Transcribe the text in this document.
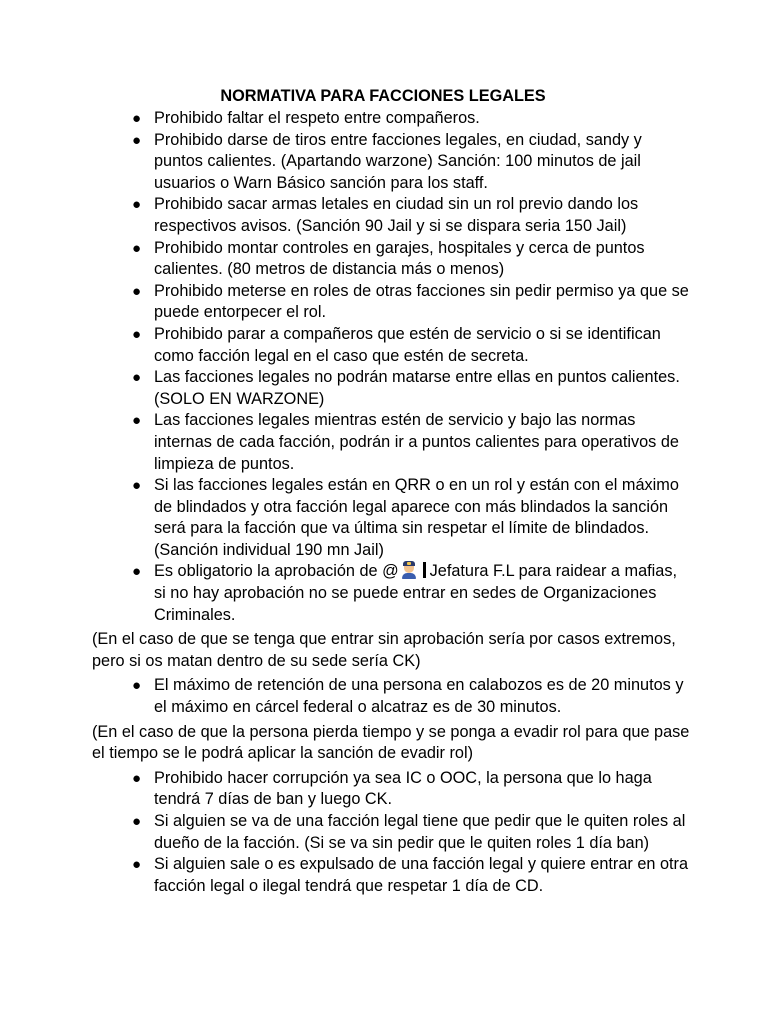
NORMATIVA PARA FACCIONES LEGALES
● Prohibido faltar el respeto entre compañeros.
● Prohibido darse de tiros entre facciones legales, en ciudad, sandy y puntos calientes. (Apartando warzone) Sanción: 100 minutos de jail usuarios o Warn Básico sanción para los staff.
● Prohibido sacar armas letales en ciudad sin un rol previo dando los respectivos avisos. (Sanción 90 Jail y si se dispara seria 150 Jail)
● Prohibido montar controles en garajes, hospitales y cerca de puntos calientes. (80 metros de distancia más o menos)
● Prohibido meterse en roles de otras facciones sin pedir permiso ya que se puede entorpecer el rol.
● Prohibido parar a compañeros que estén de servicio o si se identifican como facción legal en el caso que estén de secreta.
● Las facciones legales no podrán matarse entre ellas en puntos calientes. (SOLO EN WARZONE)
● Las facciones legales mientras estén de servicio y bajo las normas internas de cada facción, podrán ir a puntos calientes para operativos de limpieza de puntos.
● Si las facciones legales están en QRR o en un rol y están con el máximo de blindados y otra facción legal aparece con más blindados la sanción será para la facción que va última sin respetar el límite de blindados. (Sanción individual 190 mn Jail)
● Es obligatorio la aprobación de @ Jefatura F.L para raidear a mafias, si no hay aprobación no se puede entrar en sedes de Organizaciones Criminales.

(En el caso de que se tenga que entrar sin aprobación sería por casos extremos, pero si os matan dentro de su sede sería CK)

● El máximo de retención de una persona en calabozos es de 20 minutos y el máximo en cárcel federal o alcatraz es de 30 minutos.

(En el caso de que la persona pierda tiempo y se ponga a evadir rol para que pase el tiempo se le podrá aplicar la sanción de evadir rol)

● Prohibido hacer corrupción ya sea IC o OOC, la persona que lo haga tendrá 7 días de ban y luego CK.
● Si alguien se va de una facción legal tiene que pedir que le quiten roles al dueño de la facción. (Si se va sin pedir que le quiten roles 1 día ban)
● Si alguien sale o es expulsado de una facción legal y quiere entrar en otra facción legal o ilegal tendrá que respetar 1 día de CD.
